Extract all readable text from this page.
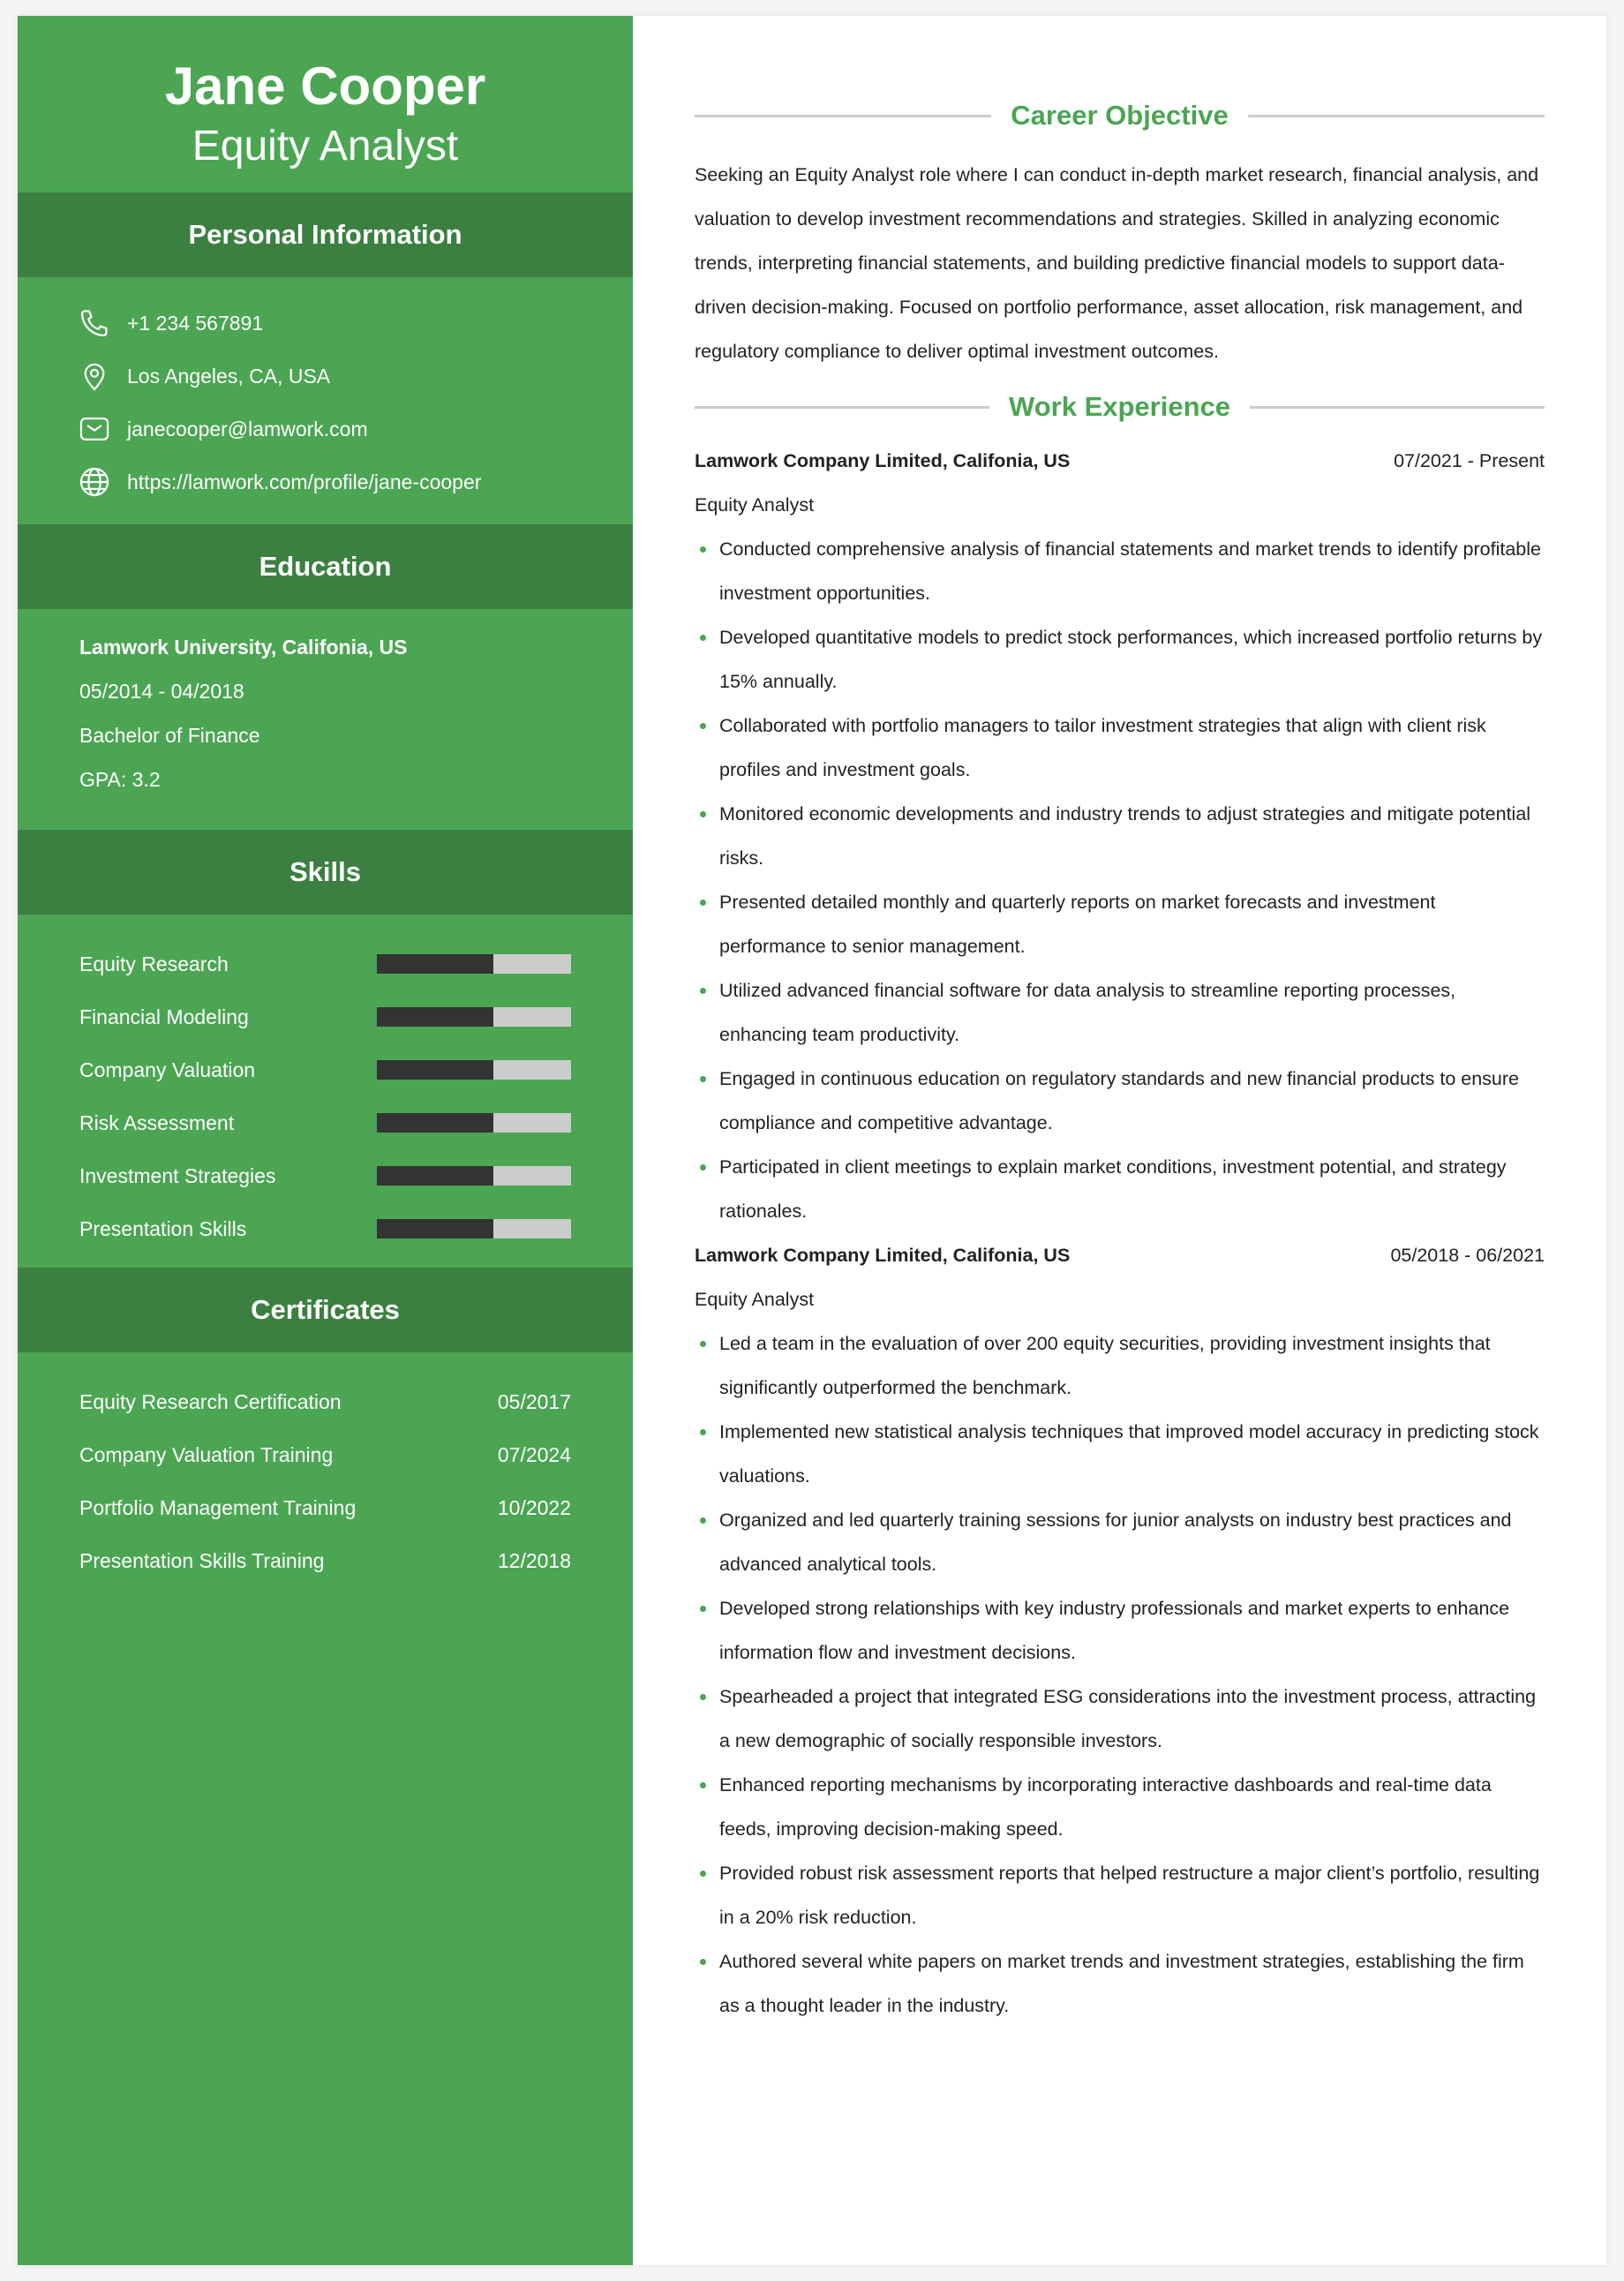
Jane Cooper
Equity Analyst
Personal Information
+1 234 567891
Los Angeles, CA, USA
janecooper@lamwork.com
https://lamwork.com/profile/jane-cooper
Education
Lamwork University, Califonia, US
05/2014 - 04/2018
Bachelor of Finance
GPA: 3.2
Skills
Equity Research
Financial Modeling
Company Valuation
Risk Assessment
Investment Strategies
Presentation Skills
Certificates
Equity Research Certification	05/2017
Company Valuation Training	07/2024
Portfolio Management Training	10/2022
Presentation Skills Training	12/2018
Career Objective

Seeking an Equity Analyst role where I can conduct in-depth market research, financial analysis, and valuation to develop investment recommendations and strategies. Skilled in analyzing economic trends, interpreting financial statements, and building predictive financial models to support data-driven decision-making. Focused on portfolio performance, asset allocation, risk management, and regulatory compliance to deliver optimal investment outcomes.

Work Experience
Lamwork Company Limited, Califonia, US	07/2021 - Present
Equity Analyst
Conducted comprehensive analysis of financial statements and market trends to identify profitable investment opportunities.
Developed quantitative models to predict stock performances, which increased portfolio returns by 15% annually.
Collaborated with portfolio managers to tailor investment strategies that align with client risk profiles and investment goals.
Monitored economic developments and industry trends to adjust strategies and mitigate potential risks.
Presented detailed monthly and quarterly reports on market forecasts and investment performance to senior management.
Utilized advanced financial software for data analysis to streamline reporting processes, enhancing team productivity.
Engaged in continuous education on regulatory standards and new financial products to ensure compliance and competitive advantage.
Participated in client meetings to explain market conditions, investment potential, and strategy rationales.
Lamwork Company Limited, Califonia, US	05/2018 - 06/2021
Equity Analyst
Led a team in the evaluation of over 200 equity securities, providing investment insights that significantly outperformed the benchmark.
Implemented new statistical analysis techniques that improved model accuracy in predicting stock valuations.
Organized and led quarterly training sessions for junior analysts on industry best practices and advanced analytical tools.
Developed strong relationships with key industry professionals and market experts to enhance information flow and investment decisions.
Spearheaded a project that integrated ESG considerations into the investment process, attracting a new demographic of socially responsible investors.
Enhanced reporting mechanisms by incorporating interactive dashboards and real-time data feeds, improving decision-making speed.
Provided robust risk assessment reports that helped restructure a major client’s portfolio, resulting in a 20% risk reduction.
Authored several white papers on market trends and investment strategies, establishing the firm as a thought leader in the industry.
